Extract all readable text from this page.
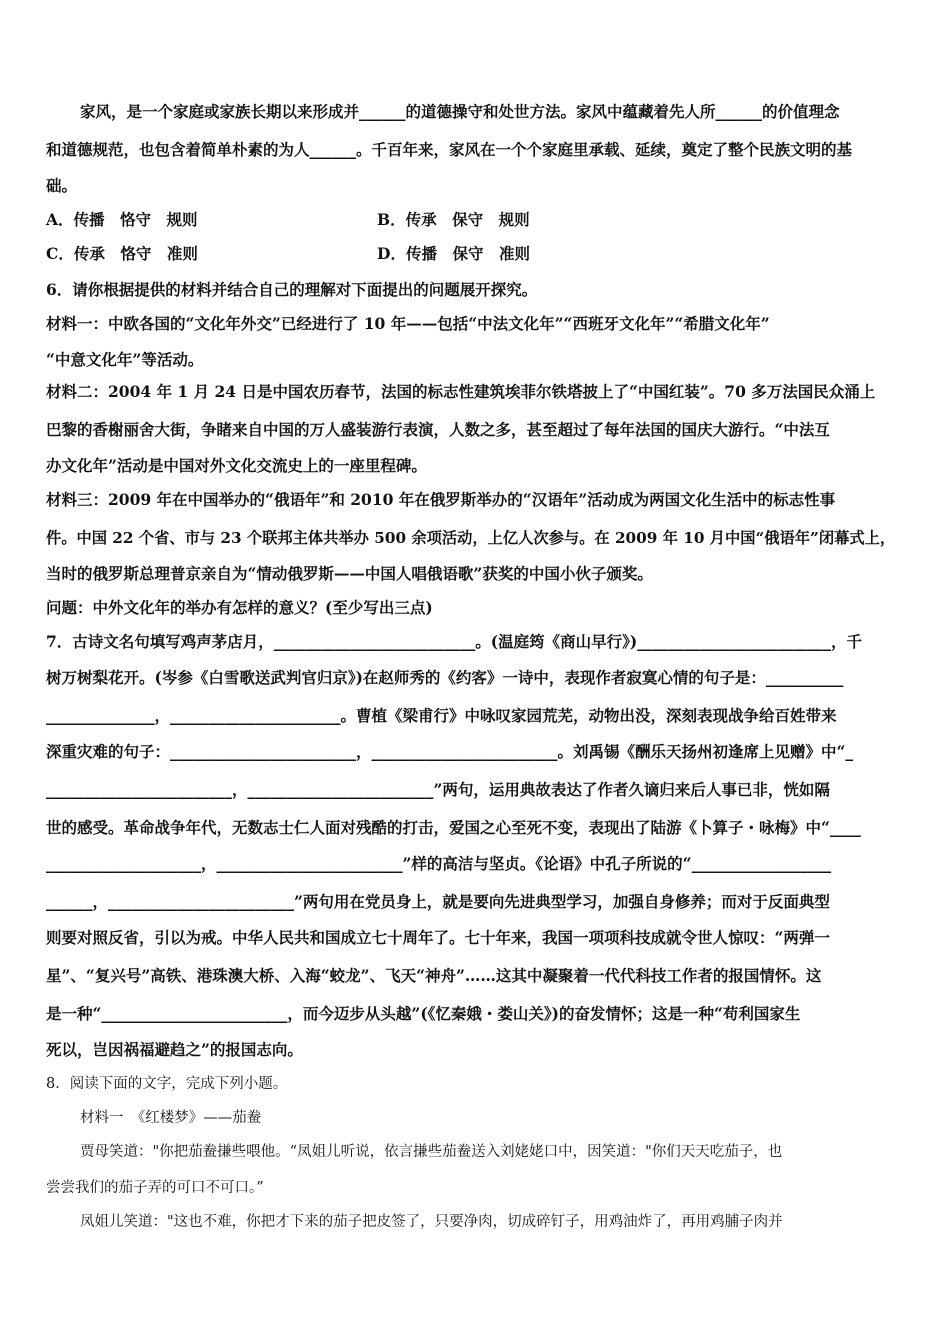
家风，是一个家庭或家族长期以来形成并______的道德操守和处世方法。家风中蕴藏着先人所______的价值理念
和道德规范，也包含着简单朴素的为人______。千百年来，家风在一个个家庭里承载、延续，奠定了整个民族文明的基
础。
A．传播　恪守　规则	B．传承　保守　规则
C．传承　恪守　准则	D．传播　保守　准则
6．请你根据提供的材料并结合自己的理解对下面提出的问题展开探究。
材料一：中欧各国的“文化年外交”已经进行了 10 年——包括“中法文化年”“西班牙文化年”“希腊文化年”
“中意文化年”等活动。
材料二：2004 年 1 月 24 日是中国农历春节，法国的标志性建筑埃菲尔铁塔披上了“中国红装”。70 多万法国民众涌上
巴黎的香榭丽舍大街，争睹来自中国的万人盛装游行表演，人数之多，甚至超过了每年法国的国庆大游行。“中法互
办文化年”活动是中国对外文化交流史上的一座里程碑。
材料三：2009 年在中国举办的“俄语年”和 2010 年在俄罗斯举办的“汉语年”活动成为两国文化生活中的标志性事
件。中国 22 个省、市与 23 个联邦主体共举办 500 余项活动，上亿人次参与。在 2009 年 10 月中国“俄语年”闭幕式上，
当时的俄罗斯总理普京亲自为“情动俄罗斯——中国人唱俄语歌”获奖的中国小伙子颁奖。
问题：中外文化年的举办有怎样的意义？(至少写出三点)
7．古诗文名句填写鸡声茅店月，__________________________。(温庭筠《商山早行》)_________________________，千
树万树梨花开。(岑参《白雪歌送武判官归京》)在赵师秀的《约客》一诗中，表现作者寂寞心情的句子是：__________
______________，______________________。曹植《梁甫行》中咏叹家园荒芜，动物出没，深刻表现战争给百姓带来
深重灾难的句子：________________________，________________________。刘禹锡《酬乐天扬州初逢席上见赠》中“_
________________________，________________________”两句，运用典故表达了作者久谪归来后人事已非，恍如隔
世的感受。革命战争年代，无数志士仁人面对残酷的打击，爱国之心至死不变，表现出了陆游《卜算子・咏梅》中“____
____________________，________________________”样的高洁与坚贞。《论语》中孔子所说的“__________________
______，________________________”两句用在党员身上，就是要向先进典型学习，加强自身修养；而对于反面典型
则要对照反省，引以为戒。中华人民共和国成立七十周年了。七十年来，我国一项项科技成就令世人惊叹：“两弹一
星”、“复兴号”高铁、港珠澳大桥、入海“蛟龙”、飞天“神舟”……这其中凝聚着一代代科技工作者的报国情怀。这
是一种“________________________，而今迈步从头越”(《忆秦娥・娄山关》)的奋发情怀；这是一种“苟利国家生
死以，岂因祸福避趋之”的报国志向。
8．阅读下面的文字，完成下列小题。
材料一　《红楼梦》——茄鲞
贾母笑道："你把茄鲞搛些喂他。“凤姐儿听说，依言搛些茄鲞送入刘姥姥口中，因笑道："你们天天吃茄子，也
尝尝我们的茄子弄的可口不可口。”
凤姐儿笑道："这也不难，你把才下来的茄子把皮签了，只要净肉，切成碎钉子，用鸡油炸了，再用鸡脯子肉并
